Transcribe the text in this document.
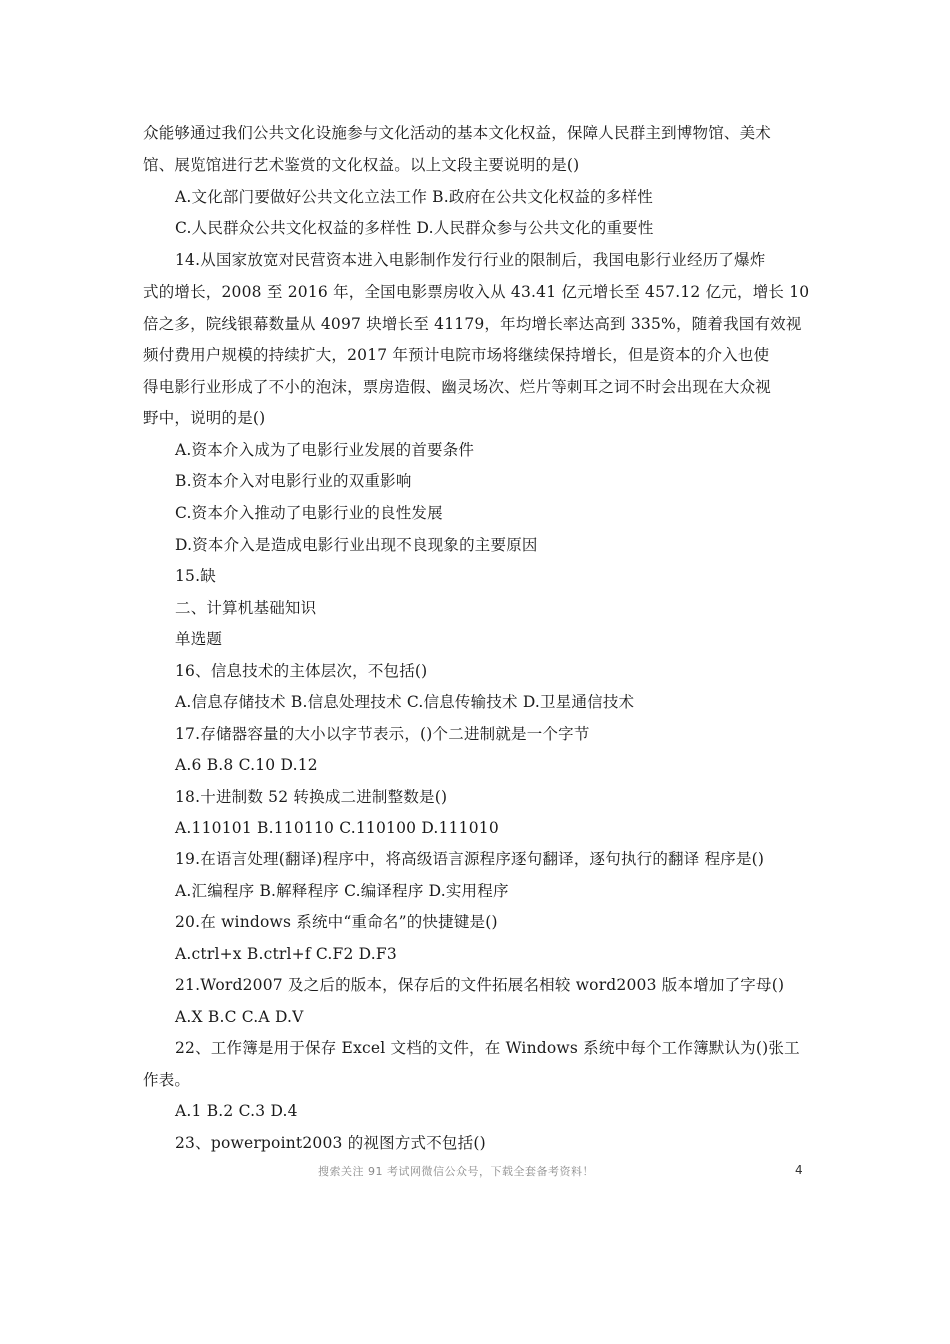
众能够通过我们公共文化设施参与文化活动的基本文化权益，保障人民群主到博物馆、美术
馆、展览馆进行艺术鉴赏的文化权益。以上文段主要说明的是()
A.文化部门要做好公共文化立法工作 B.政府在公共文化权益的多样性
C.人民群众公共文化权益的多样性 D.人民群众参与公共文化的重要性
14.从国家放宽对民营资本进入电影制作发行行业的限制后，我国电影行业经历了爆炸
式的增长，2008 至 2016 年，全国电影票房收入从 43.41 亿元增长至 457.12 亿元，增长 10
倍之多，院线银幕数量从 4097 块增长至 41179，年均增长率达高到 335%，随着我国有效视
频付费用户规模的持续扩大，2017 年预计电院市场将继续保持增长，但是资本的介入也使
得电影行业形成了不小的泡沫，票房造假、幽灵场次、烂片等刺耳之词不时会出现在大众视
野中，说明的是()
A.资本介入成为了电影行业发展的首要条件
B.资本介入对电影行业的双重影响
C.资本介入推动了电影行业的良性发展
D.资本介入是造成电影行业出现不良现象的主要原因
15.缺
二、计算机基础知识
单选题
16、信息技术的主体层次，不包括()
A.信息存储技术 B.信息处理技术 C.信息传输技术 D.卫星通信技术
17.存储器容量的大小以字节表示，()个二进制就是一个字节
A.6 B.8 C.10 D.12
18.十进制数 52 转换成二进制整数是()
A.110101 B.110110 C.110100 D.111010
19.在语言处理(翻译)程序中，将高级语言源程序逐句翻译，逐句执行的翻译 程序是()
A.汇编程序 B.解释程序 C.编译程序 D.实用程序
20.在 windows 系统中“重命名”的快捷键是()
A.ctrl+x B.ctrl+f C.F2 D.F3
21.Word2007 及之后的版本，保存后的文件拓展名相较 word2003 版本增加了字母()
A.X B.C C.A D.V
22、工作簿是用于保存 Excel 文档的文件，在 Windows 系统中每个工作簿默认为()张工
作表。
A.1 B.2 C.3 D.4
23、powerpoint2003 的视图方式不包括()
搜索关注 91 考试网微信公众号，下载全套备考资料！	4
